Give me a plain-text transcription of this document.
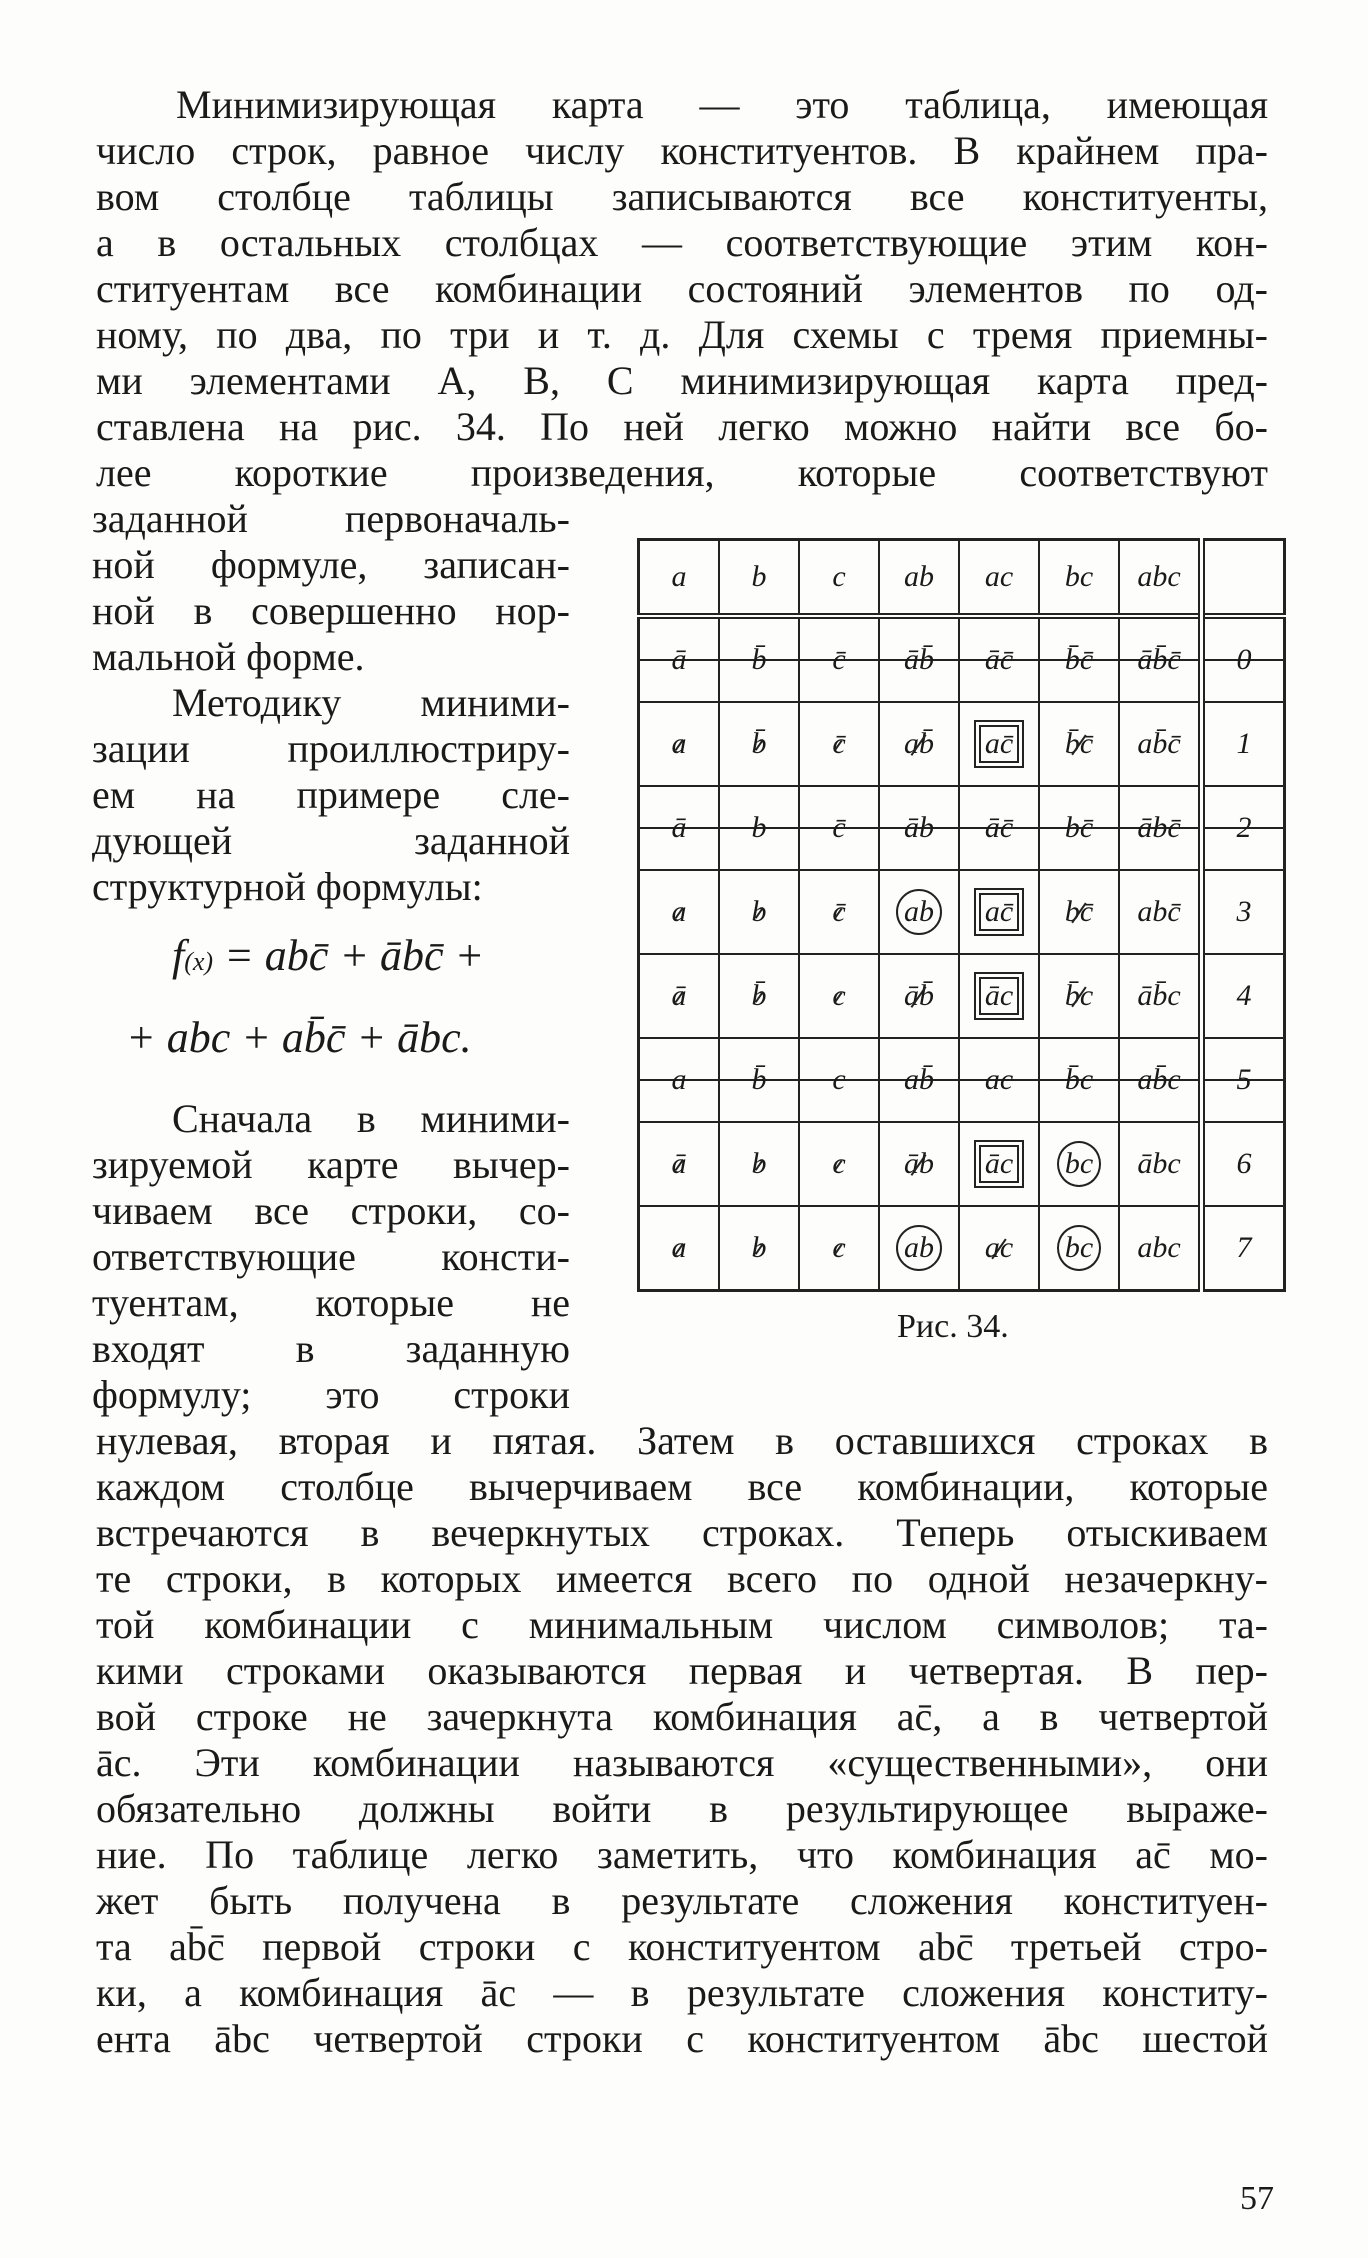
Минимизирующая карта — это таблица, имеющая
число строк, равное числу конституентов. В крайнем пра-
вом столбце таблицы записываются все конституенты,
а в остальных столбцах — соответствующие этим кон-
ституентам все комбинации состояний элементов по од-
ному, по два, по три и т. д. Для схемы с тремя приемны-
ми элементами A, B, C минимизирующая карта пред-
ставлена на рис. 34. По ней легко можно найти все бо-
лее короткие произведения, которые соответствуют
заданной первоначаль-
ной формуле, записан-
ной в совершенно нор-
мальной форме.
Методику миними-
зации проиллюстриру-
ем на примере сле-
дующей заданной
структурной формулы:
f(x) = abc̄ + ābc̄ +
+ abc + ab̄c̄ + ābc.
Сначала в миними-
зируемой карте вычер-
чиваем все строки, со-
ответствующие консти-
туентам, которые не
входят в заданную
формулу; это строки
a	b	c	ab	ac	bc	abc	
ā	b̄	c̄	āb̄	āc̄	b̄c̄	āb̄c̄	0
a	b̄	c̄	ab̄	ac̄	b̄c̄	ab̄c̄	1
ā	b	c̄	āb	āc̄	bc̄	ābc̄	2
a	b	c̄	ab	ac̄	bc̄	abc̄	3
ā	b̄	c	āb̄	āc	b̄c	āb̄c	4
a	b̄	c	ab̄	ac	b̄c	ab̄c	5
ā	b	c	āb	āc	bc	ābc	6
a	b	c	ab	ac	bc	abc	7
Рис. 34.
нулевая, вторая и пятая. Затем в оставшихся строках в
каждом столбце вычерчиваем все комбинации, которые
встречаются в вечеркнутых строках. Теперь отыскиваем
те строки, в которых имеется всего по одной незачеркну-
той комбинации с минимальным числом символов; та-
кими строками оказываются первая и четвертая. В пер-
вой строке не зачеркнута комбинация ac̄, а в четвертой
āc. Эти комбинации называются «существенными», они
обязательно должны войти в результирующее выраже-
ние. По таблице легко заметить, что комбинация ac̄ мо-
жет быть получена в результате сложения конституен-
та ab̄c̄ первой строки с конституентом abc̄ третьей стро-
ки, а комбинация āc — в результате сложения конститу-
ента ābc четвертой строки с конституентом ābc шестой
57
